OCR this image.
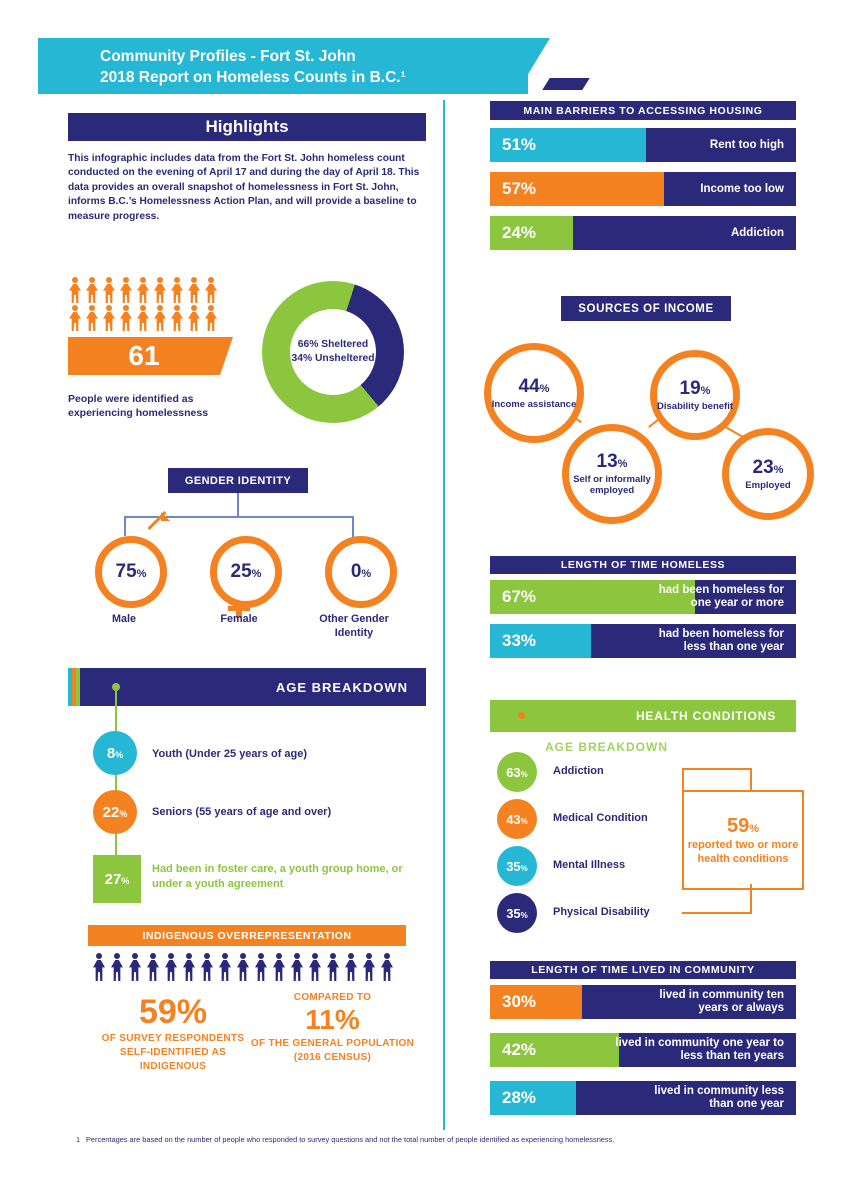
Community Profiles - Fort St. John
2018 Report on Homeless Counts in B.C.¹
Highlights
This infographic includes data from the Fort St. John homeless count conducted on the evening of April 17 and during the day of April 18. This data provides an overall snapshot of homelessness in Fort St. John, informs B.C.’s Homelessness Action Plan, and will provide a baseline to measure progress.
61
People were identified as experiencing homelessness
66% Sheltered
34% Unsheltered
GENDER IDENTITY
75%	25%	0%
Male	Female	Other Gender Identity
AGE BREAKDOWN
8%	Youth (Under 25 years of age)
22% Seniors (55 years of age and over)
27%
Had been in foster care, a youth group home, or under a youth agreement
INDIGENOUS OVERREPRESENTATION
59%
OF SURVEY RESPONDENTS SELF-IDENTIFIED AS INDIGENOUS
COMPARED TO
11%
OF THE GENERAL POPULATION (2016 CENSUS)
MAIN BARRIERS TO ACCESSING HOUSING
51%	Rent too high
57%	Income too low
24%	Addiction
SOURCES OF INCOME
44%
Income assistance
19%
Disability benefit
13%
Self or informally employed
23%
Employed
LENGTH OF TIME HOMELESS
67%	had been homeless for one year or more
33%	had been homeless for less than one year
HEALTH CONDITIONS
AGE BREAKDOWN
63% Addiction
43% Medical Condition
35% Mental Illness
35% Physical Disability
59%
reported two or more health conditions
LENGTH OF TIME LIVED IN COMMUNITY
30%	lived in community ten years or always
42%	lived in community one year to less than ten years
28%	lived in community less than one year
1 Percentages are based on the number of people who responded to survey questions and not the total number of people identified as experiencing homelessness.
